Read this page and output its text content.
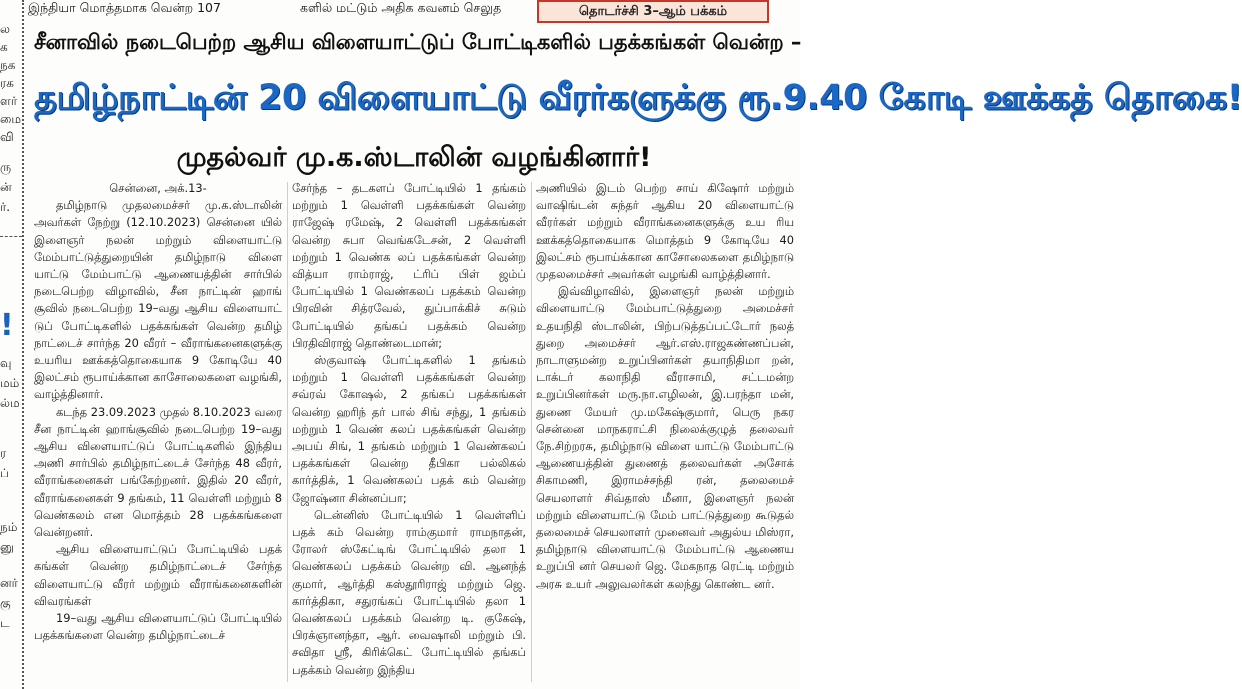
இந்தியா மொத்தமாக வென்ற 107	களில் மட்டும் அதிக கவனம் செலுத	தொடர்ச்சி 3–ஆம் பக்கம்
ல
க
நக
ரக
ளர்
மை
வி
ரு
ன்
ர்.
!
வு
மம்
ல்ம
ர
ப்
நம்
னு
னர்
கு
ட
சீனாவில் நடைபெற்ற ஆசிய விளையாட்டுப் போட்டிகளில் பதக்கங்கள் வென்ற –
தமிழ்நாட்டின் 20 விளையாட்டு வீரர்களுக்கு ரூ.9.40 கோடி ஊக்கத் தொகை!
முதல்வர் மு.க.ஸ்டாலின் வழங்கினார்!

சென்னை, அக்.13-

தமிழ்நாடு முதலமைச்சர் மு.க.ஸ்டாலின் அவர்கள் நேற்று (12.10.2023) சென்னை யில் இளைஞர் நலன் மற்றும் விளையாட்டு மேம்பாட்டுத்துறையின் தமிழ்நாடு விளை யாட்டு மேம்பாட்டு ஆணையத்தின் சார்பில் நடைபெற்ற விழாவில், சீன நாட்டின் ஹாங் சூவில் நடைபெற்ற 19–வது ஆசிய விளையாட் டுப் போட்டிகளில் பதக்கங்கள் வென்ற தமிழ் நாட்டைச் சார்ந்த 20 வீரர் – வீராங்கனைகளுக்கு உயரிய ஊக்கத்தொகையாக 9 கோடியே 40 இலட்சம் ரூபாய்க்கான காசோலைகளை வழங்கி, வாழ்த்தினார்.

கடந்த 23.09.2023 முதல் 8.10.2023 வரை சீன நாட்டின் ஹாங்சூவில் நடைபெற்ற 19–வது ஆசிய விளையாட்டுப் போட்டிகளில் இந்திய அணி சார்பில் தமிழ்நாட்டைச் சேர்ந்த 48 வீரர், வீராங்கனைகள் பங்கேற்றனர். இதில் 20 வீரர், வீராங்கனைகள் 9 தங்கம், 11 வெள்ளி மற்றும் 8 வெண்கலம் என மொத்தம் 28 பதக்கங்களை வென்றனர்.

ஆசிய விளையாட்டுப் போட்டியில் பதக் கங்கள் வென்ற தமிழ்நாட்டைச் சேர்ந்த விளையாட்டு வீரர் மற்றும் வீராங்கனைகளின் விவரங்கள்

19–வது ஆசிய விளையாட்டுப் போட்டியில் பதக்கங்களை வென்ற தமிழ்நாட்டைச்

சேர்ந்த – தடகளப் போட்டியில் 1 தங்கம் மற்றும் 1 வெள்ளி பதக்கங்கள் வென்ற ராஜேஷ் ரமேஷ், 2 வெள்ளி பதக்கங்கள் வென்ற சுபா வெங்கடேசன், 2 வெள்ளி மற்றும் 1 வெண்க லப் பதக்கங்கள் வென்ற வித்யா ராம்ராஜ், ட்ரிப் பிள் ஜம்ப் போட்டியில் 1 வெண்கலப் பதக்கம் வென்ற பிரவின் சித்ரவேல், துப்பாக்கிச் சுடும் போட்டியில் தங்கப் பதக்கம் வென்ற பிரதிவிராஜ் தொண்டைமான்;

ஸ்குவாஷ் போட்டிகளில் 1 தங்கம் மற்றும் 1 வெள்ளி பதக்கங்கள் வென்ற சவ்ரவ் கோஷல், 2 தங்கப் பதக்கங்கள் வென்ற ஹரிந் தர் பால் சிங் சந்து, 1 தங்கம் மற்றும் 1 வெண் கலப் பதக்கங்கள் வென்ற அபய் சிங், 1 தங்கம் மற்றும் 1 வெண்கலப் பதக்கங்கள் வென்ற தீபிகா பல்லிகல் கார்த்திக், 1 வெண்கலப் பதக் கம் வென்ற ஜோஷ்னா சின்னப்பா;

டென்னிஸ் போட்டியில் 1 வெள்ளிப் பதக் கம் வென்ற ராம்குமார் ராமநாதன், ரோலர் ஸ்கேட்டிங் போட்டியில் தலா 1 வெண்கலப் பதக்கம் வென்ற வி. ஆனந்த் குமார், ஆர்த்தி கஸ்தூரிராஜ் மற்றும் ஜெ. கார்த்திகா, சதுரங்கப் போட்டியில் தலா 1 வெண்கலப் பதக்கம் வென்ற டி. குகேஷ், பிரக்ஞானந்தா, ஆர். வைஷாலி மற்றும் பி. சவிதா ஸ்ரீ, கிரிக்கெட் போட்டியில் தங்கப் பதக்கம் வென்ற இந்திய

அணியில் இடம் பெற்ற சாய் கிஷோர் மற்றும் வாஷிங்டன் சுந்தர் ஆகிய 20 விளையாட்டு வீரர்கள் மற்றும் வீராங்கனைகளுக்கு உய ரிய ஊக்கத்தொகையாக மொத்தம் 9 கோடியே 40 இலட்சம் ரூபாய்க்கான காசோலைகளை தமிழ்நாடு முதலமைச்சர் அவர்கள் வழங்கி வாழ்த்தினார்.

இவ்விழாவில், இளைஞர் நலன் மற்றும் விளையாட்டு மேம்பாட்டுத்துறை அமைச்சர் உதயநிதி ஸ்டாலின், பிற்படுத்தப்பட்டோர் நலத் துறை அமைச்சர் ஆர்.எஸ்.ராஜகண்ணப்பன், நாடாளுமன்ற உறுப்பினர்கள் தயாநிதிமா றன், டாக்டர் கலாநிதி வீராசாமி, சட்டமன்ற உறுப்பினர்கள் மரு.நா.எழிலன், இ.பரந்தா மன், துணை மேயர் மு.மகேஷ்குமார், பெரு நகர சென்னை மாநகராட்சி நிலைக்குழுத் தலைவர் நே.சிற்றரசு, தமிழ்நாடு விளை யாட்டு மேம்பாட்டு ஆணையத்தின் துணைத் தலைவர்கள் அசோக் சிகாமணி, இராமச்சந்தி ரன், தலைமைச் செயலாளர் சிவ்தாஸ் மீனா, இளைஞர் நலன் மற்றும் விளையாட்டு மேம் பாட்டுத்துறை கூடுதல் தலைமைச் செயலாளர் முனைவர் அதுல்ய மிஸ்ரா, தமிழ்நாடு விளையாட்டு மேம்பாட்டு ஆணைய உறுப்பி னர் செயலர் ஜெ. மேகநாத ரெட்டி மற்றும் அரசு உயர் அலுவலர்கள் கலந்து கொண்ட னர்.
